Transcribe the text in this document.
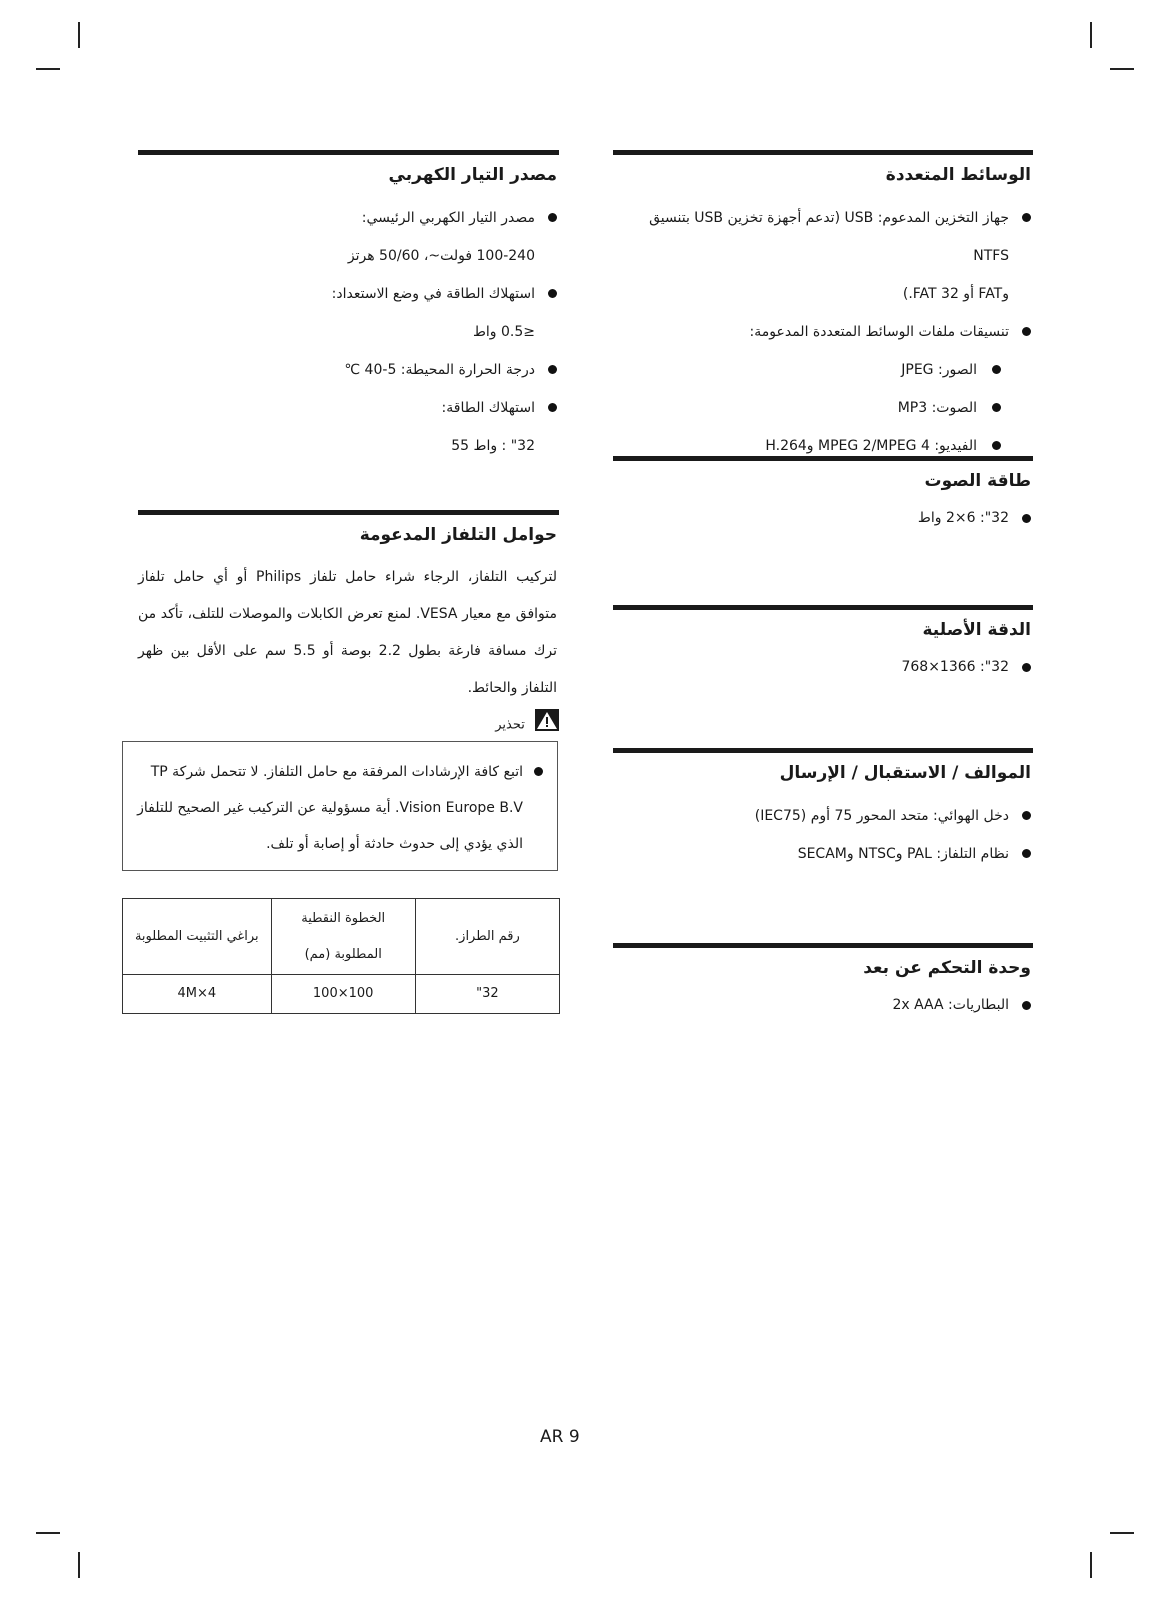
الوسائط المتعددة
جهاز التخزين المدعوم: USB (تدعم أجهزة تخزين USB بتنسيق NTFS
وFAT أو FAT 32.)
تنسيقات ملفات الوسائط المتعددة المدعومة:
الصور: JPEG
الصوت: MP3
الفيديو: MPEG 2/MPEG 4 وH.264
طاقة الصوت
32": 6×2 واط
الدقة الأصلية
32": 1366×768
الموالف / الاستقبال / الإرسال
دخل الهوائي: متحد المحور 75 أوم (IEC75)
نظام التلفاز: PAL وNTSC وSECAM
وحدة التحكم عن بعد
البطاريات: 2x AAA
مصدر التيار الكهربي
مصدر التيار الكهربي الرئيسي:
100-240 فولت~، 50/60 هرتز
استهلاك الطاقة في وضع الاستعداد:
≤0.5 واط
درجة الحرارة المحيطة: 5-40 ℃
استهلاك الطاقة:
32" : واط 55
حوامل التلفاز المدعومة
لتركيب التلفاز، الرجاء شراء حامل تلفاز Philips أو أي حامل تلفاز متوافق مع معيار VESA. لمنع تعرض الكابلات والموصلات للتلف، تأكد من ترك مسافة فارغة بطول 2.2 بوصة أو 5.5 سم على الأقل بين ظهر التلفاز والحائط.
تحذير
اتبع كافة الإرشادات المرفقة مع حامل التلفاز. لا تتحمل شركة TP Vision Europe B.V. أية مسؤولية عن التركيب غير الصحيح للتلفاز الذي يؤدي إلى حدوث حادثة أو إصابة أو تلف.
رقم الطراز.	الخطوة النقطية المطلوبة (مم)	براغي التثبيت المطلوبة
32"	100×100	4M×4
AR 9
